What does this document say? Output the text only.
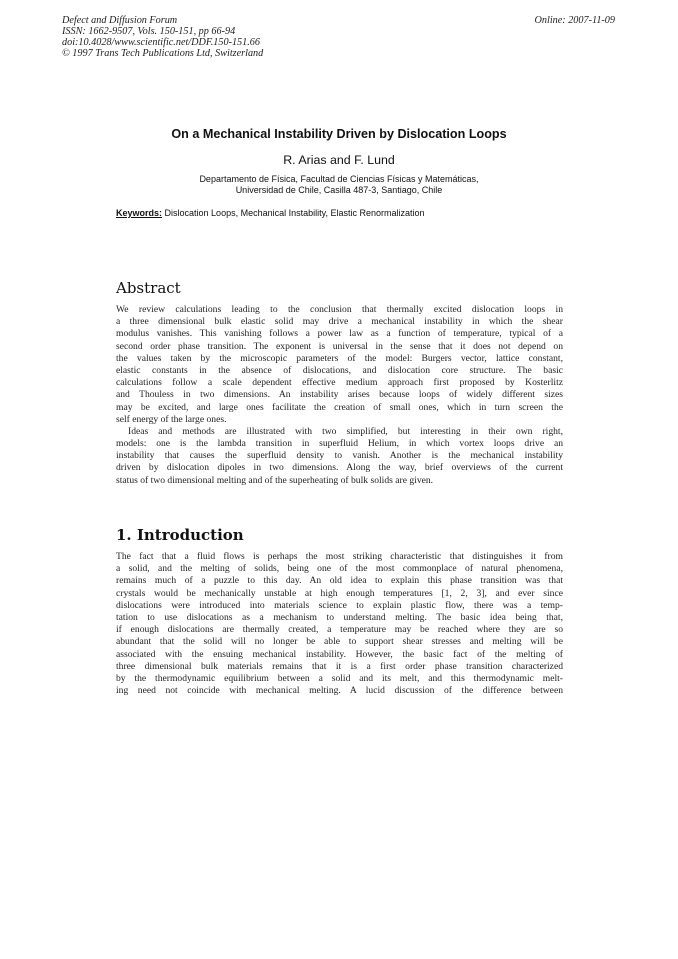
Defect and Diffusion Forum
ISSN: 1662-9507, Vols. 150-151, pp 66-94
doi:10.4028/www.scientific.net/DDF.150-151.66
© 1997 Trans Tech Publications Ltd, Switzerland
Online: 2007-11-09
On a Mechanical Instability Driven by Dislocation Loops
R. Arias and F. Lund
Departamento de Física, Facultad de Ciencias Físicas y Matemáticas,
Universidad de Chile, Casilla 487-3, Santiago, Chile
Keywords: Dislocation Loops, Mechanical Instability, Elastic Renormalization
Abstract
We review calculations leading to the conclusion that thermally excited dislocation loops in
a three dimensional bulk elastic solid may drive a mechanical instability in which the shear
modulus vanishes. This vanishing follows a power law as a function of temperature, typical of a
second order phase transition. The exponent is universal in the sense that it does not depend on
the values taken by the microscopic parameters of the model: Burgers vector, lattice constant,
elastic constants in the absence of dislocations, and dislocation core structure. The basic
calculations follow a scale dependent effective medium approach first proposed by Kosterlitz
and Thouless in two dimensions. An instability arises because loops of widely different sizes
may be excited, and large ones facilitate the creation of small ones, which in turn screen the
self energy of the large ones.
Ideas and methods are illustrated with two simplified, but interesting in their own right,
models: one is the lambda transition in superfluid Helium, in which vortex loops drive an
instability that causes the superfluid density to vanish. Another is the mechanical instability
driven by dislocation dipoles in two dimensions. Along the way, brief overviews of the current
status of two dimensional melting and of the superheating of bulk solids are given.
1. Introduction
The fact that a fluid flows is perhaps the most striking characteristic that distinguishes it from
a solid, and the melting of solids, being one of the most commonplace of natural phenomena,
remains much of a puzzle to this day. An old idea to explain this phase transition was that
crystals would be mechanically unstable at high enough temperatures [1, 2, 3], and ever since
dislocations were introduced into materials science to explain plastic flow, there was a temp-
tation to use dislocations as a mechanism to understand melting. The basic idea being that,
if enough dislocations are thermally created, a temperature may be reached where they are so
abundant that the solid will no longer be able to support shear stresses and melting will be
associated with the ensuing mechanical instability. However, the basic fact of the melting of
three dimensional bulk materials remains that it is a first order phase transition characterized
by the thermodynamic equilibrium between a solid and its melt, and this thermodynamic melt-
ing need not coincide with mechanical melting. A lucid discussion of the difference between
